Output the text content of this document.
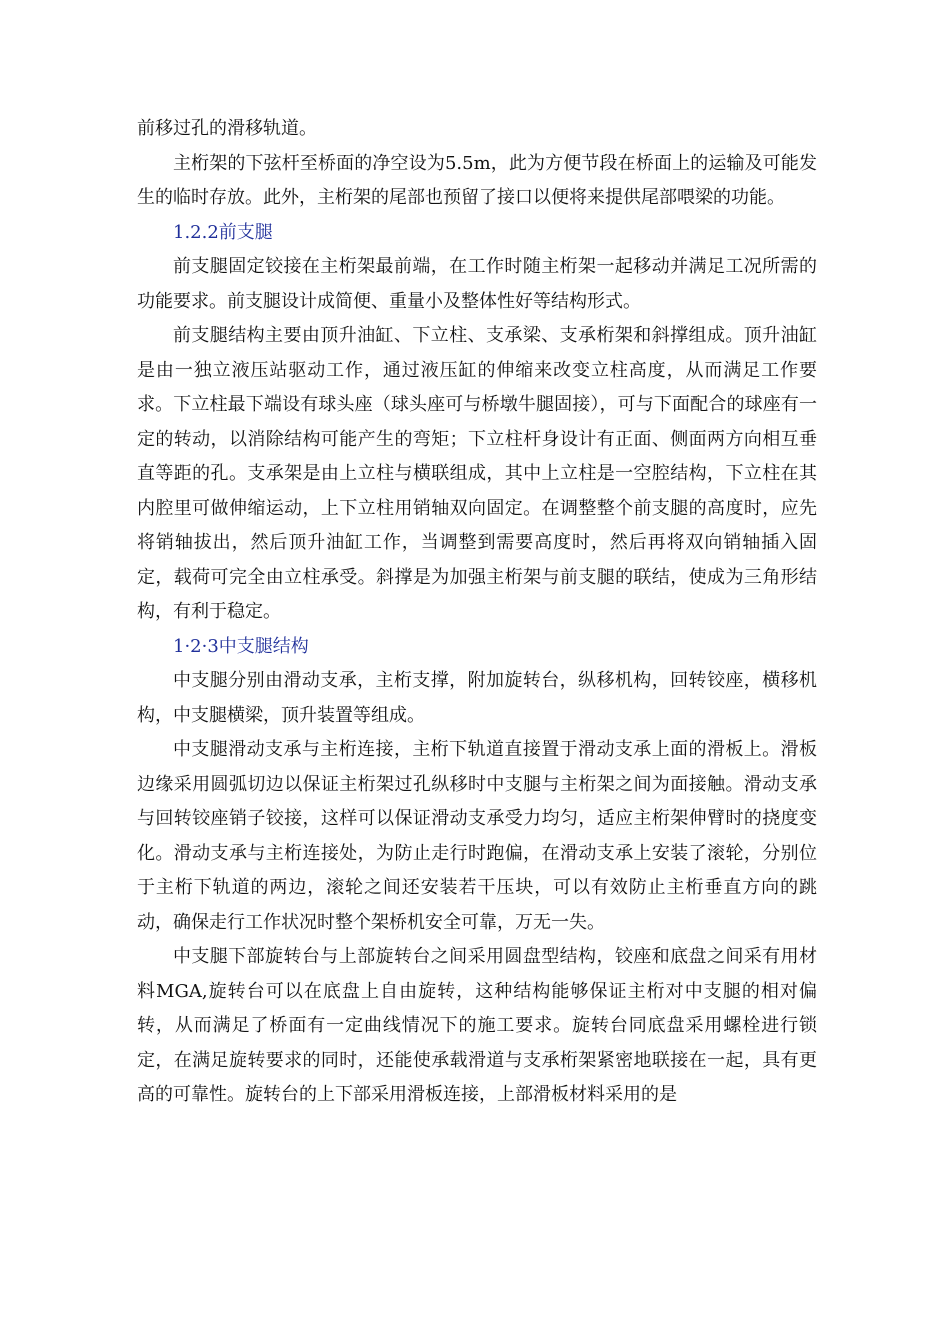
前移过孔的滑移轨道。

主桁架的下弦杆至桥面的净空设为5.5m，此为方便节段在桥面上的运输及可能发生的临时存放。此外，主桁架的尾部也预留了接口以便将来提供尾部喂梁的功能。

1.2.2前支腿

前支腿固定铰接在主桁架最前端，在工作时随主桁架一起移动并满足工况所需的功能要求。前支腿设计成简便、重量小及整体性好等结构形式。

前支腿结构主要由顶升油缸、下立柱、支承梁、支承桁架和斜撑组成。顶升油缸是由一独立液压站驱动工作，通过液压缸的伸缩来改变立柱高度，从而满足工作要求。下立柱最下端设有球头座（球头座可与桥墩牛腿固接），可与下面配合的球座有一定的转动，以消除结构可能产生的弯矩；下立柱杆身设计有正面、侧面两方向相互垂直等距的孔。支承架是由上立柱与横联组成，其中上立柱是一空腔结构，下立柱在其内腔里可做伸缩运动，上下立柱用销轴双向固定。在调整整个前支腿的高度时，应先将销轴拔出，然后顶升油缸工作，当调整到需要高度时，然后再将双向销轴插入固定，载荷可完全由立柱承受。斜撑是为加强主桁架与前支腿的联结，使成为三角形结构，有利于稳定。

1·2·3中支腿结构

中支腿分别由滑动支承，主桁支撑，附加旋转台，纵移机构，回转铰座，横移机构，中支腿横梁，顶升装置等组成。

中支腿滑动支承与主桁连接，主桁下轨道直接置于滑动支承上面的滑板上。滑板边缘采用圆弧切边以保证主桁架过孔纵移时中支腿与主桁架之间为面接触。滑动支承与回转铰座销子铰接，这样可以保证滑动支承受力均匀，适应主桁架伸臂时的挠度变化。滑动支承与主桁连接处，为防止走行时跑偏，在滑动支承上安装了滚轮，分别位于主桁下轨道的两边，滚轮之间还安装若干压块，可以有效防止主桁垂直方向的跳动，确保走行工作状况时整个架桥机安全可靠，万无一失。

中支腿下部旋转台与上部旋转台之间采用圆盘型结构，铰座和底盘之间采有用材料MGA,旋转台可以在底盘上自由旋转，这种结构能够保证主桁对中支腿的相对偏转，从而满足了桥面有一定曲线情况下的施工要求。旋转台同底盘采用螺栓进行锁定，在满足旋转要求的同时，还能使承载滑道与支承桁架紧密地联接在一起，具有更高的可靠性。旋转台的上下部采用滑板连接，上部滑板材料采用的是
